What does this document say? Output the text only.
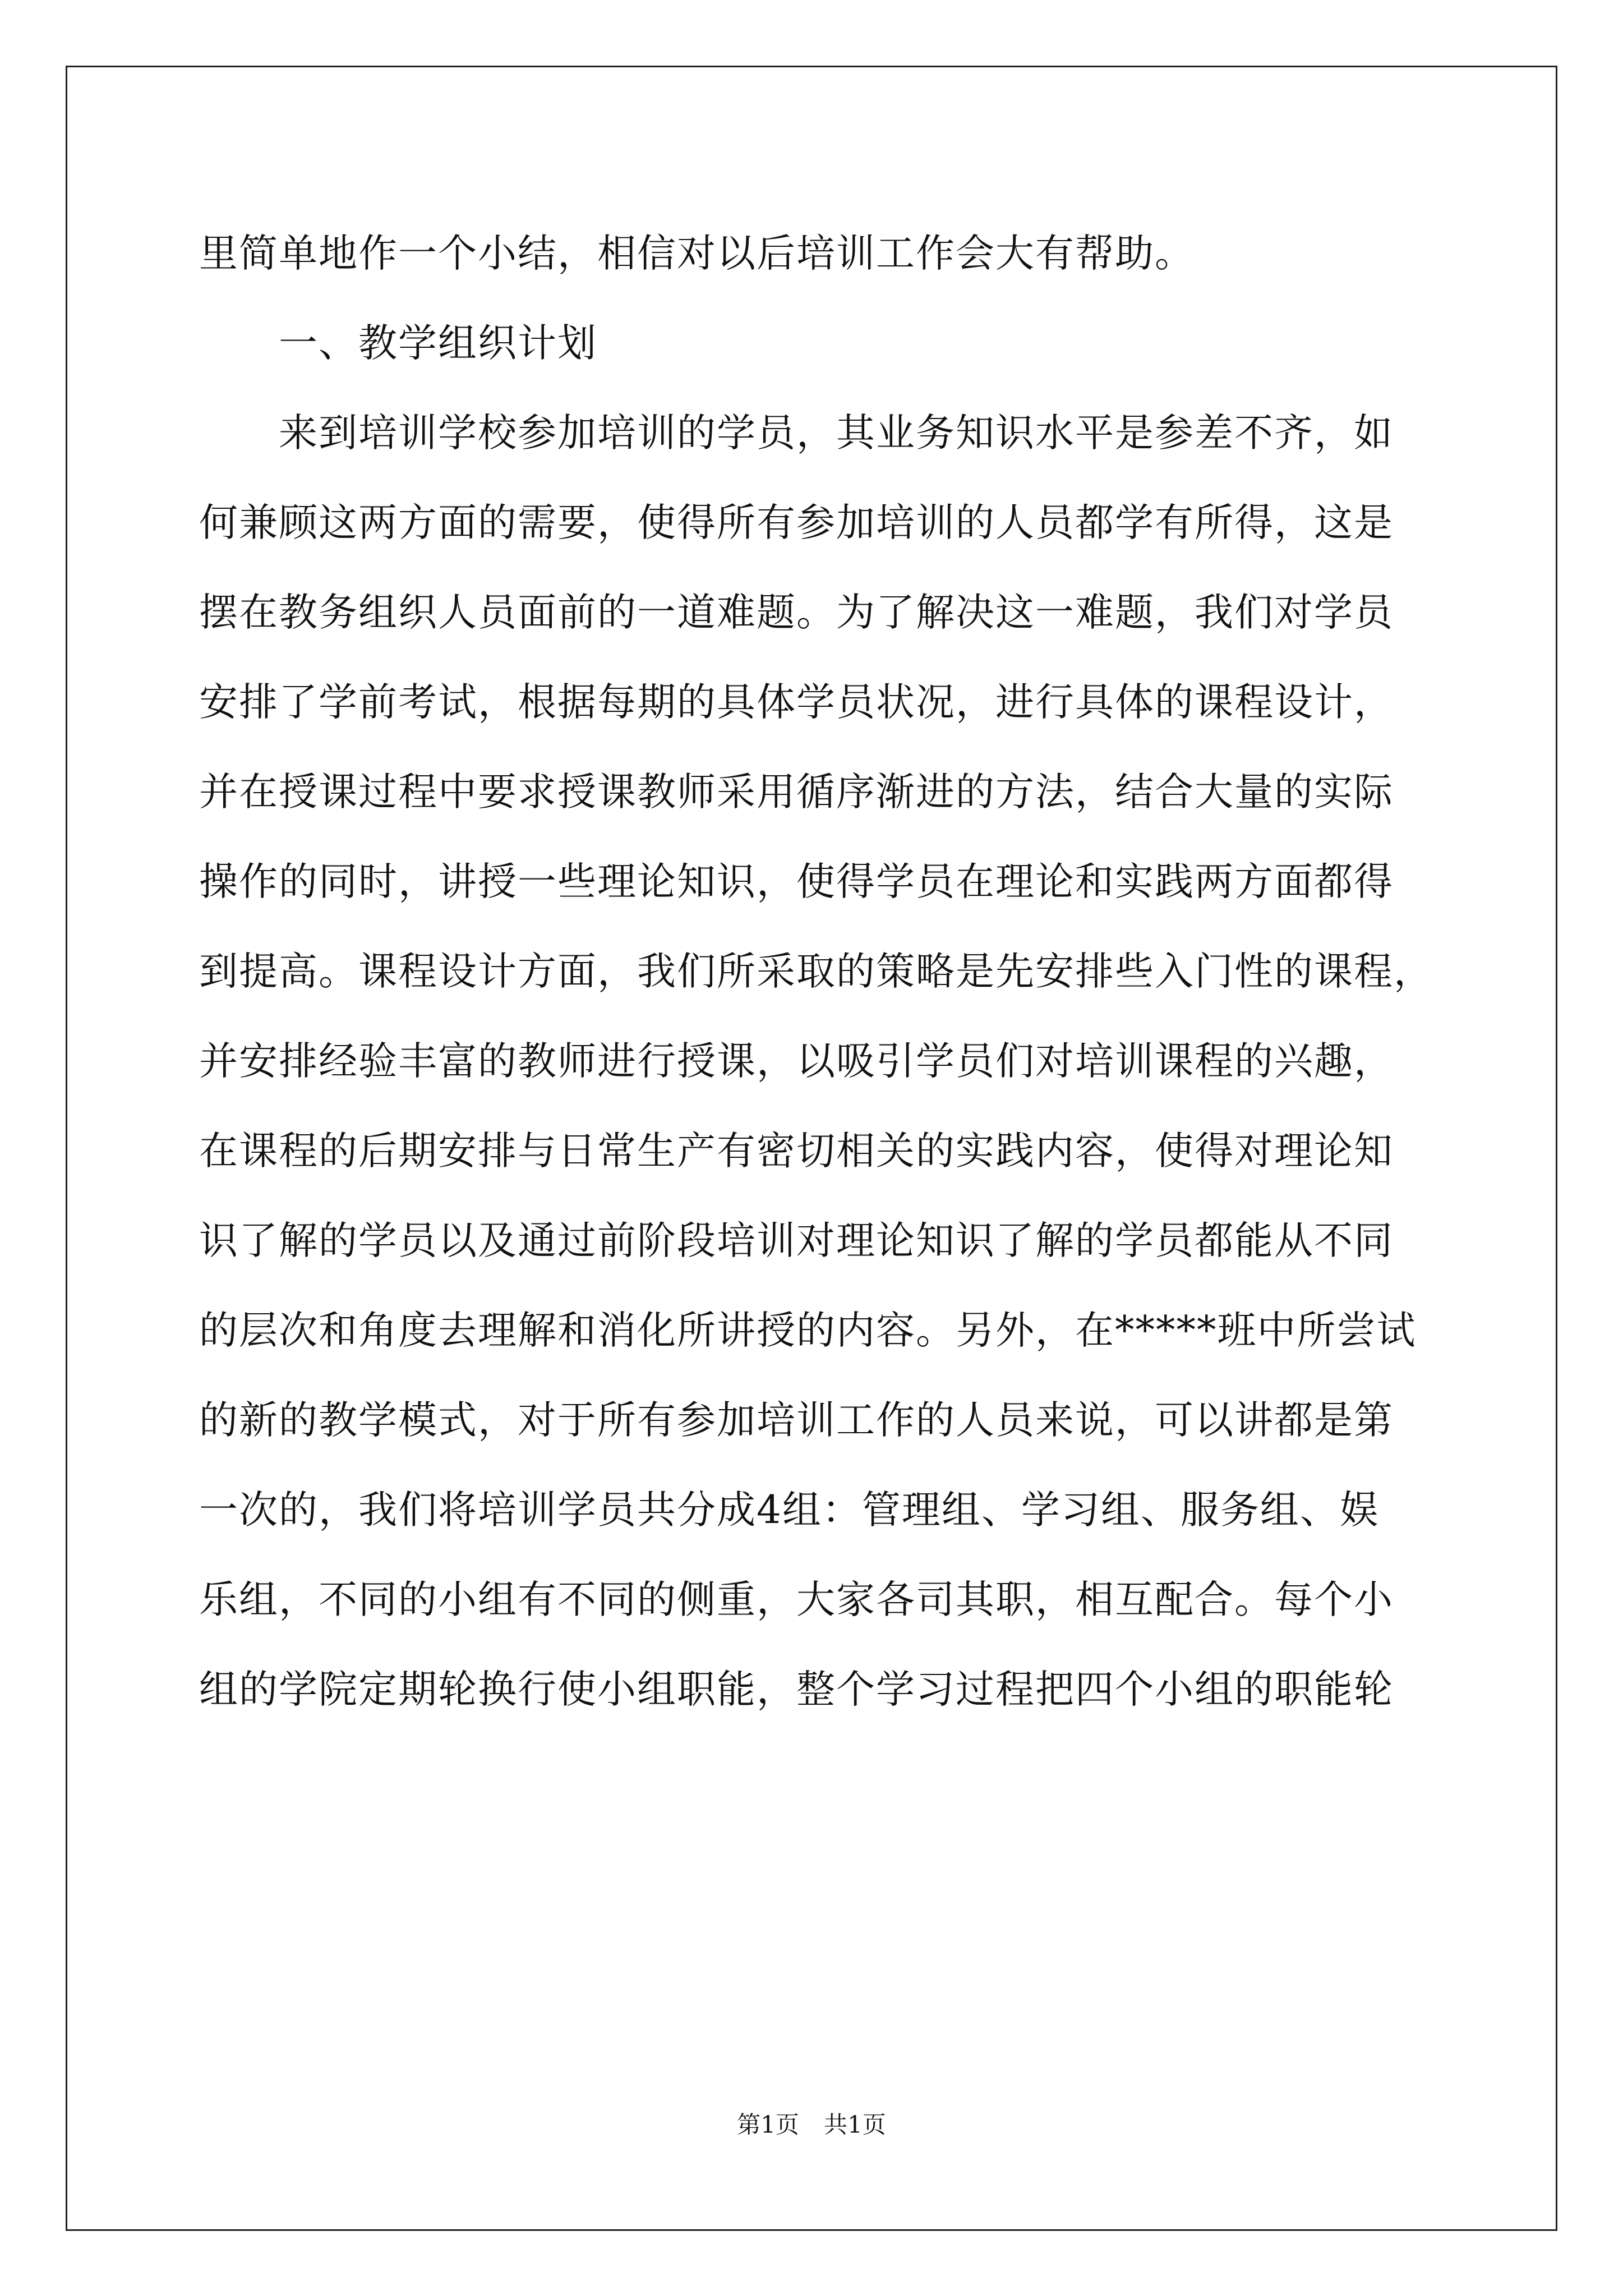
里简单地作一个小结，相信对以后培训工作会大有帮助。
一、教学组织计划
来到培训学校参加培训的学员，其业务知识水平是参差不齐，如
何兼顾这两方面的需要，使得所有参加培训的人员都学有所得，这是
摆在教务组织人员面前的一道难题。为了解决这一难题，我们对学员
安排了学前考试，根据每期的具体学员状况，进行具体的课程设计，
并在授课过程中要求授课教师采用循序渐进的方法，结合大量的实际
操作的同时，讲授一些理论知识，使得学员在理论和实践两方面都得
到提高。课程设计方面，我们所采取的策略是先安排些入门性的课程，
并安排经验丰富的教师进行授课，以吸引学员们对培训课程的兴趣，
在课程的后期安排与日常生产有密切相关的实践内容，使得对理论知
识了解的学员以及通过前阶段培训对理论知识了解的学员都能从不同
的层次和角度去理解和消化所讲授的内容。另外，在*****班中所尝试
的新的教学模式，对于所有参加培训工作的人员来说，可以讲都是第
一次的，我们将培训学员共分成4组：管理组、学习组、服务组、娱
乐组，不同的小组有不同的侧重，大家各司其职，相互配合。每个小
组的学院定期轮换行使小组职能，整个学习过程把四个小组的职能轮
第1页 共1页
